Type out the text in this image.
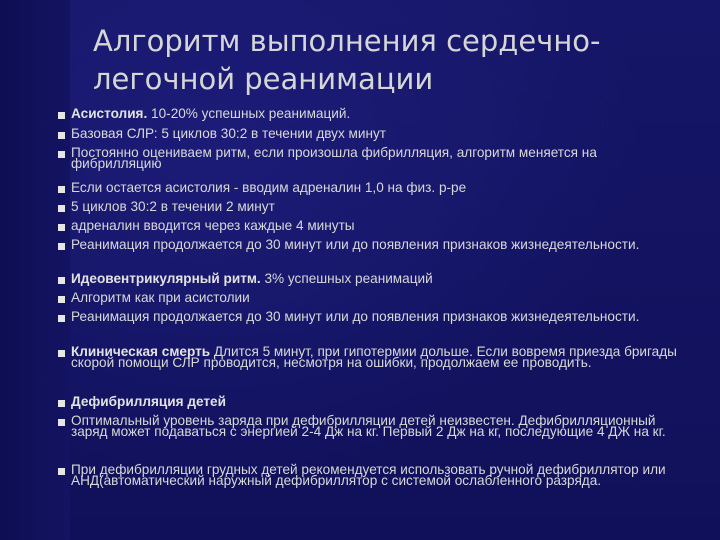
Алгоритм выполнения сердечно-
легочной реанимации

Асистолия. 10-20% успешных реанимаций.

Базовая СЛР: 5 циклов 30:2 в течении двух минут

Постоянно оцениваем ритм, если произошла фибрилляция, алгоритм меняется на фибрилляцию

Если остается асистолия - вводим адреналин 1,0 на физ. р-ре

5 циклов 30:2 в течении 2 минут

адреналин вводится через каждые 4 минуты

Реанимация продолжается до 30 минут или до появления признаков жизнедеятельности.

Идеовентрикулярный ритм. 3% успешных реанимаций

Алгоритм как при асистолии

Реанимация продолжается до 30 минут или до появления признаков жизнедеятельности.

Клиническая смерть Длится 5 минут, при гипотермии дольше. Если вовремя приезда бригады скорой помощи СЛР проводится, несмотря на ошибки, продолжаем ее проводить.

Дефибрилляция детей

Оптимальный уровень заряда при дефибрилляции детей неизвестен. Дефибрилляционный заряд может подаваться с энергией 2-4 Дж на кг. Первый 2 Дж на кг, последующие 4 ДЖ на кг.

При дефибрилляции грудных детей рекомендуется использовать ручной дефибриллятор или АНД(автоматический наружный дефибриллятор с системой ослабленного разряда.
